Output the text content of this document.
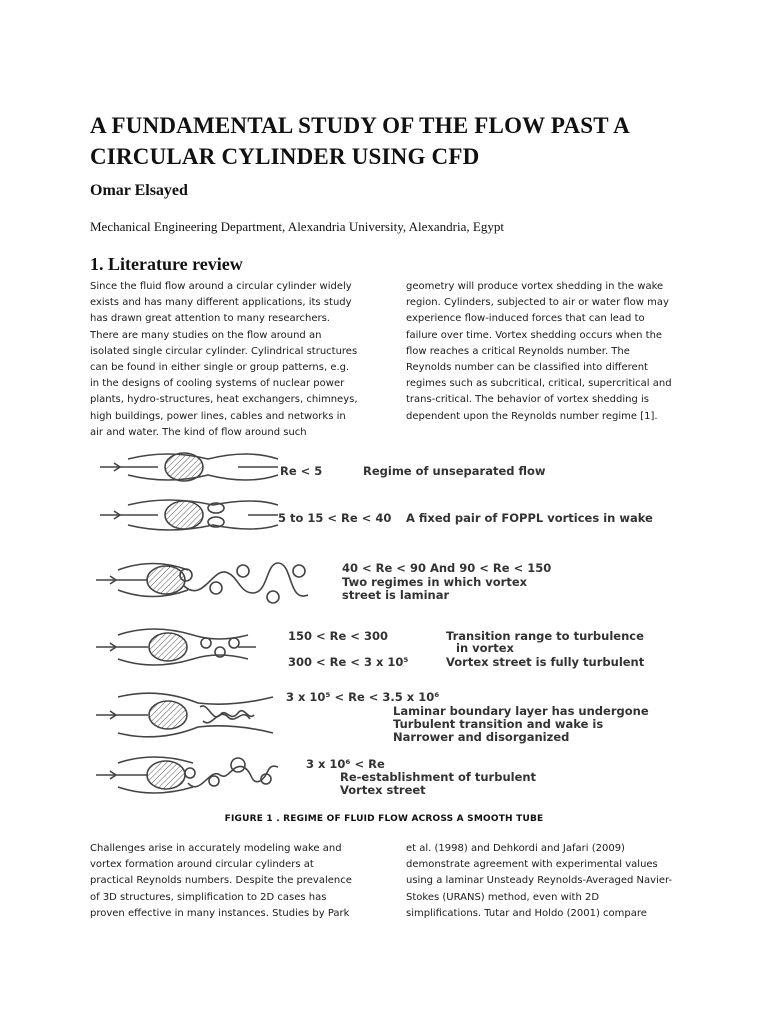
A FUNDAMENTAL STUDY OF THE FLOW PAST A
CIRCULAR CYLINDER USING CFD

Omar Elsayed

Mechanical Engineering Department, Alexandria University, Alexandria, Egypt

1. Literature review
Since the fluid flow around a circular cylinder widely
exists and has many different applications, its study
has drawn great attention to many researchers.
There are many studies on the flow around an
isolated single circular cylinder. Cylindrical structures
can be found in either single or group patterns, e.g.
in the designs of cooling systems of nuclear power
plants, hydro-structures, heat exchangers, chimneys,
high buildings, power lines, cables and networks in
air and water. The kind of flow around such
geometry will produce vortex shedding in the wake
region. Cylinders, subjected to air or water flow may
experience flow-induced forces that can lead to
failure over time. Vortex shedding occurs when the
flow reaches a critical Reynolds number. The
Reynolds number can be classified into different
regimes such as subcritical, critical, supercritical and
trans-critical. The behavior of vortex shedding is
dependent upon the Reynolds number regime [1].
Re < 5	Regime of unseparated flow
5 to 15 < Re < 40 A fixed pair of FOPPL vortices in wake
40 < Re < 90 And 90 < Re < 150
Two regimes in which vortex
street is laminar
150 < Re < 300	Transition range to turbulence
in vortex
300 < Re < 3 x 10⁵	Vortex street is fully turbulent
3 x 10⁵ < Re < 3.5 x 10⁶
Laminar boundary layer has undergone
Turbulent transition and wake is
Narrower and disorganized
3 x 10⁶ < Re
Re-establishment of turbulent
Vortex street
FIGURE 1 . REGIME OF FLUID FLOW ACROSS A SMOOTH TUBE
Challenges arise in accurately modeling wake and
vortex formation around circular cylinders at
practical Reynolds numbers. Despite the prevalence
of 3D structures, simplification to 2D cases has
proven effective in many instances. Studies by Park
et al. (1998) and Dehkordi and Jafari (2009)
demonstrate agreement with experimental values
using a laminar Unsteady Reynolds-Averaged Navier-
Stokes (URANS) method, even with 2D
simplifications. Tutar and Holdo (2001) compare
